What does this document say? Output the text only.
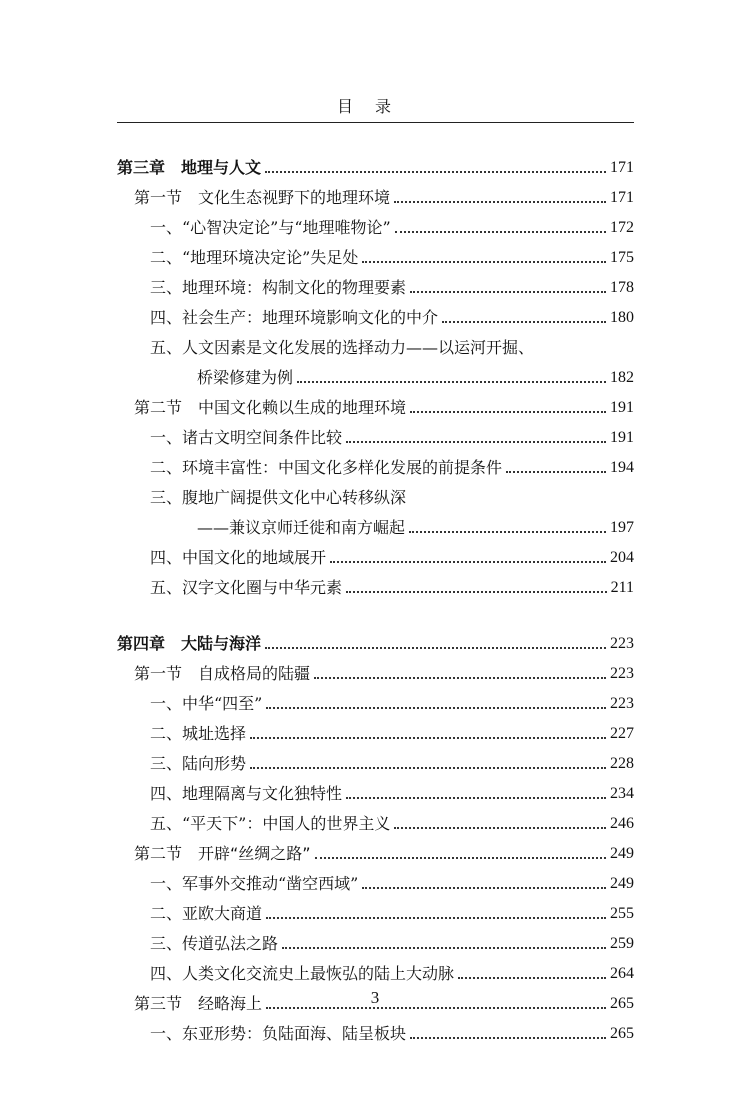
目录
第三章　地理与人文	171
第一节　文化生态视野下的地理环境	171
一、“心智决定论”与“地理唯物论”	172
二、“地理环境决定论”失足处	175
三、地理环境：构制文化的物理要素	178
四、社会生产：地理环境影响文化的中介	180
五、人文因素是文化发展的选择动力——以运河开掘、
桥梁修建为例	182
第二节　中国文化赖以生成的地理环境	191
一、诸古文明空间条件比较	191
二、环境丰富性：中国文化多样化发展的前提条件	194
三、腹地广阔提供文化中心转移纵深
——兼议京师迁徙和南方崛起	197
四、中国文化的地域展开	204
五、汉字文化圈与中华元素	211
第四章　大陆与海洋	223
第一节　自成格局的陆疆	223
一、中华“四至”	223
二、城址选择	227
三、陆向形势	228
四、地理隔离与文化独特性	234
五、“平天下”：中国人的世界主义	246
第二节　开辟“丝绸之路”	249
一、军事外交推动“凿空西域”	249
二、亚欧大商道	255
三、传道弘法之路	259
四、人类文化交流史上最恢弘的陆上大动脉	264
第三节　经略海上	265
一、东亚形势：负陆面海、陆呈板块	265
3
